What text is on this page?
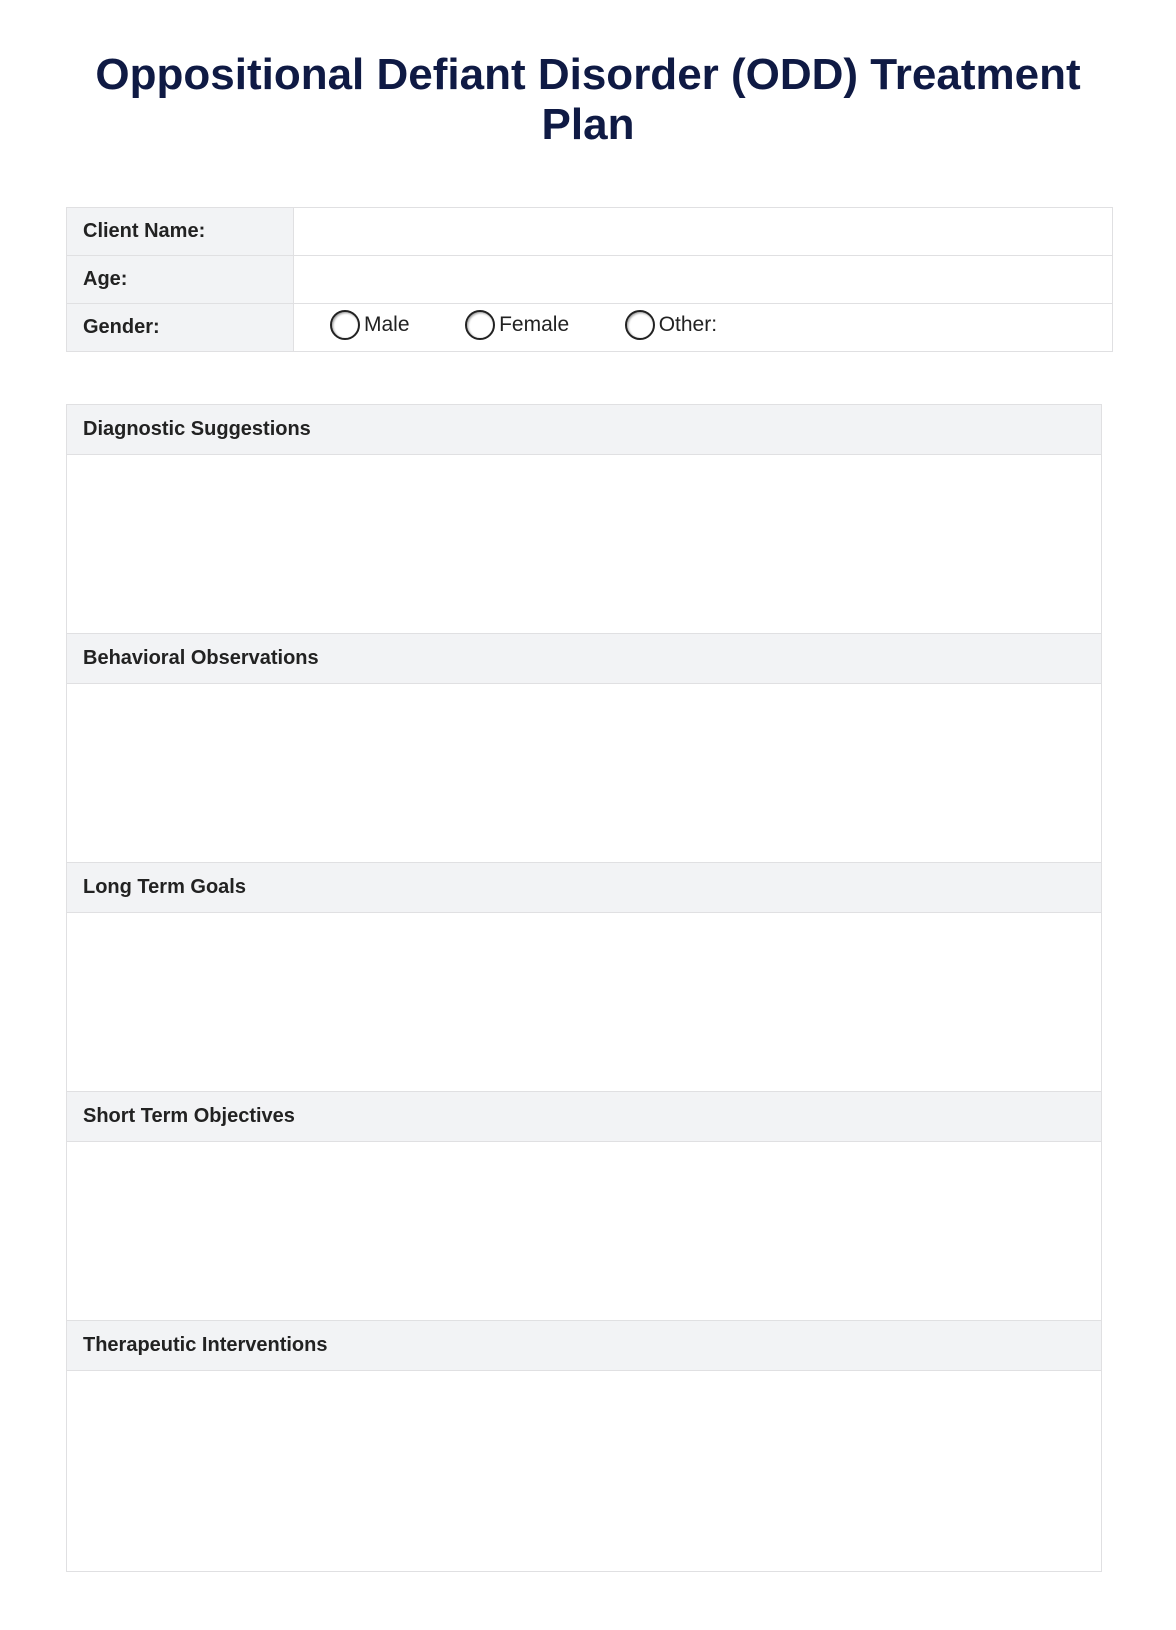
Oppositional Defiant Disorder (ODD) Treatment Plan
Client Name:	
Age:	
Gender:	Male
Female
Other:
Diagnostic Suggestions
Behavioral Observations
Long Term Goals
Short Term Objectives
Therapeutic Interventions
